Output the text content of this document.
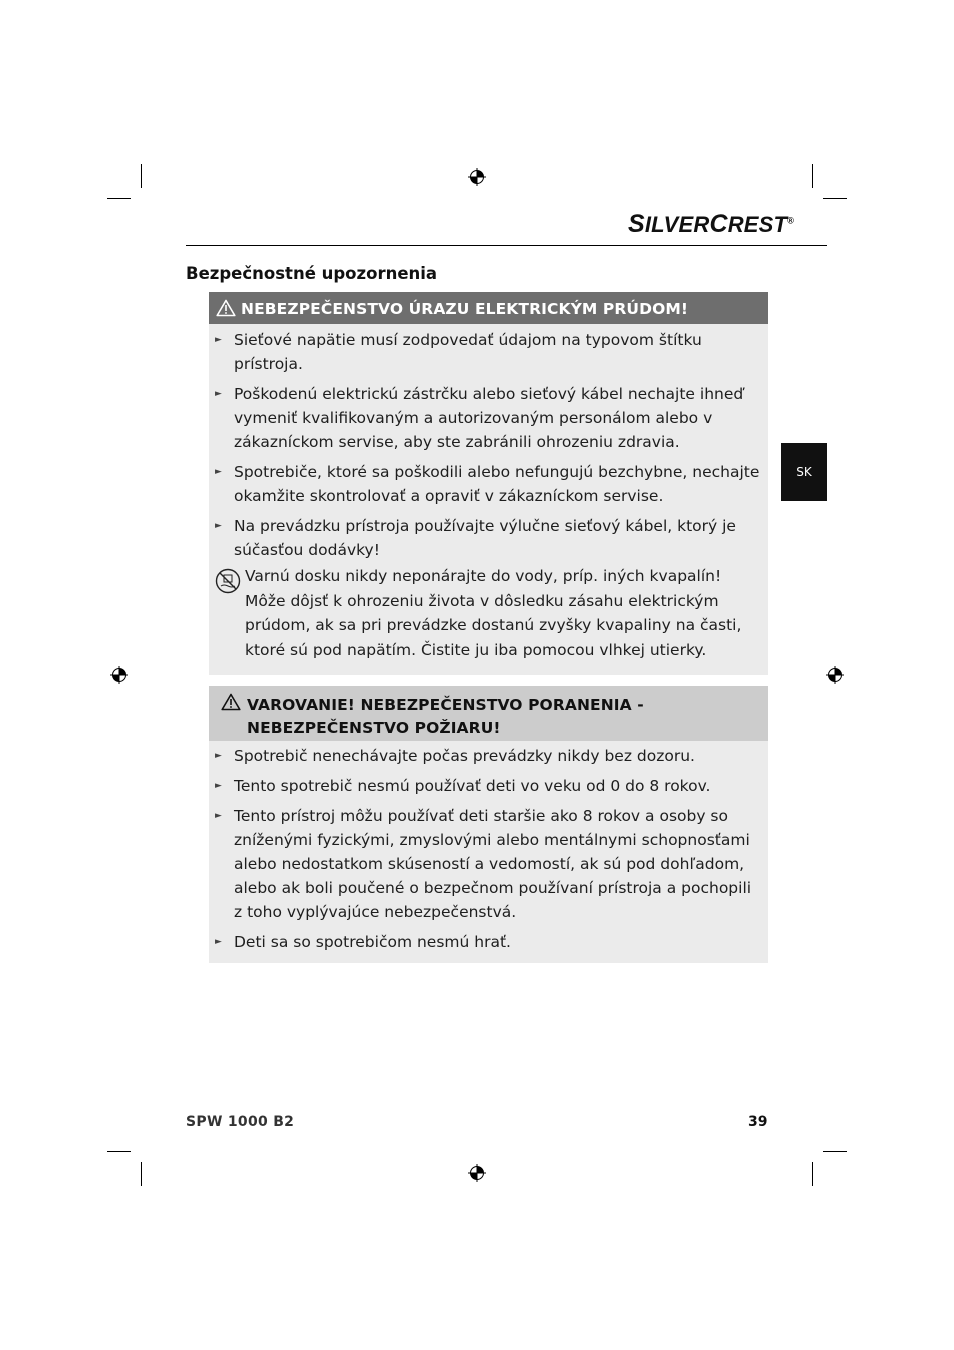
SILVERCREST®
SK
Bezpečnostné upozornenia
NEBEZPEČENSTVO ÚRAZU ELEKTRICKÝM PRÚDOM!
► Sieťové napätie musí zodpovedať údajom na typovom štítku prístroja.
► Poškodenú elektrickú zástrčku alebo sieťový kábel nechajte ihneď vymeniť kvalifikovaným a autorizovaným personálom alebo v zákazníckom servise, aby ste zabránili ohrozeniu zdravia.
► Spotrebiče, ktoré sa poškodili alebo nefungujú bezchybne, nechajte okamžite skontrolovať a opraviť v zákazníckom servise.
► Na prevádzku prístroja používajte výlučne sieťový kábel, ktorý je súčasťou dodávky!
Varnú dosku nikdy neponárajte do vody, príp. iných kvapalín! Môže dôjsť k ohrozeniu života v dôsledku zásahu elektrickým prúdom, ak sa pri prevádzke dostanú zvyšky kvapaliny na časti, ktoré sú pod napätím. Čistite ju iba pomocou vlhkej utierky.
VAROVANIE! NEBEZPEČENSTVO PORANENIA -
NEBEZPEČENSTVO POŽIARU!
► Spotrebič nenechávajte počas prevádzky nikdy bez dozoru.
► Tento spotrebič nesmú používať deti vo veku od 0 do 8 rokov.
► Tento prístroj môžu používať deti staršie ako 8 rokov a osoby so zníženými fyzickými, zmyslovými alebo mentálnymi schopnosťami alebo nedostatkom skúseností a vedomostí, ak sú pod dohľadom, alebo ak boli poučené o bezpečnom používaní prístroja a pochopili z toho vyplývajúce nebezpečenstvá.
► Deti sa so spotrebičom nesmú hrať.
SPW 1000 B2	39
